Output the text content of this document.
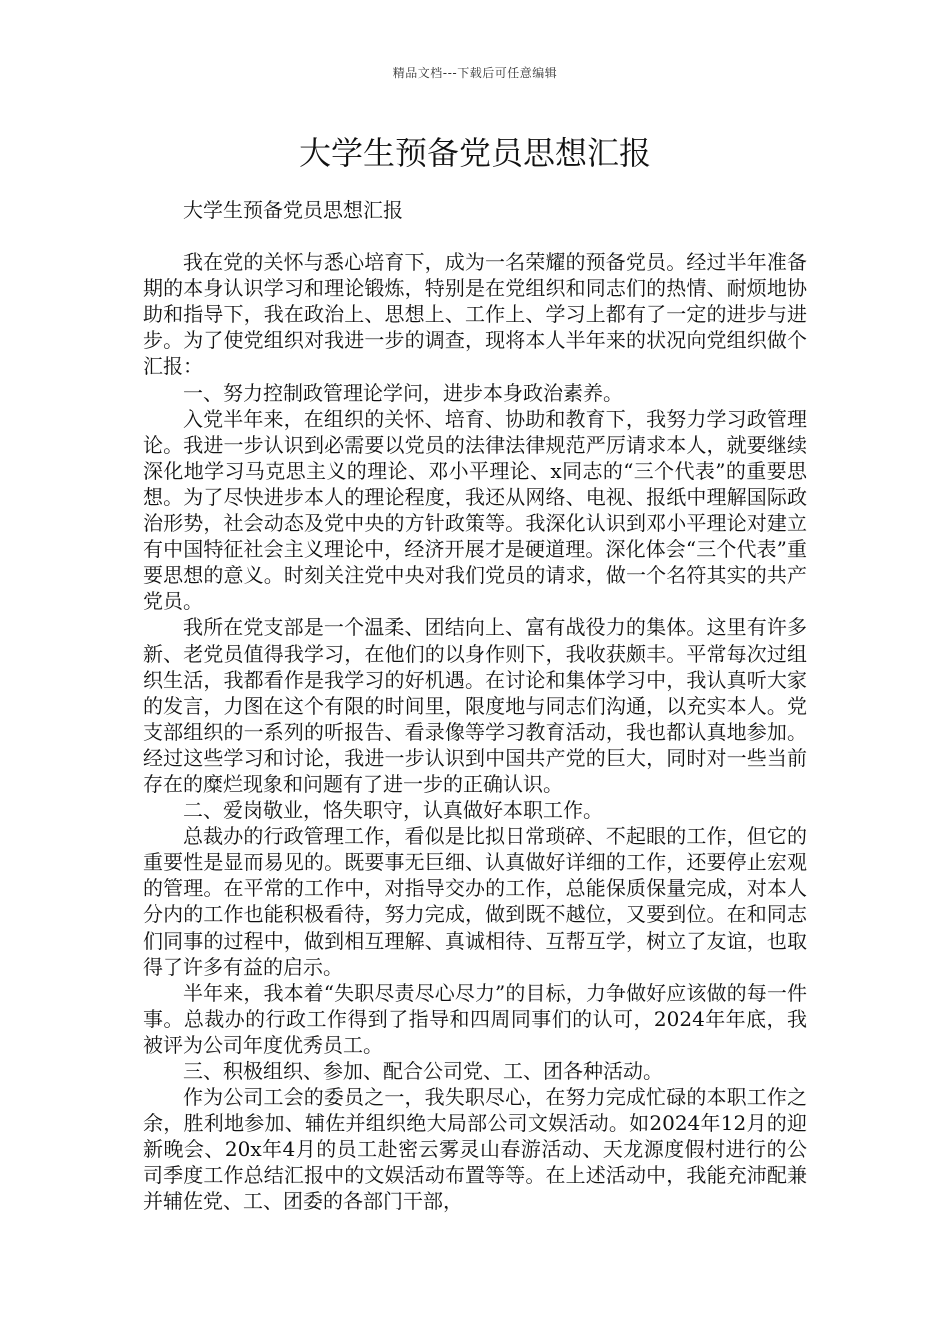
精品文档---下载后可任意编辑
大学生预备党员思想汇报

大学生预备党员思想汇报

我在党的关怀与悉心培育下，成为一名荣耀的预备党员。经过半年准备期的本身认识学习和理论锻炼，特别是在党组织和同志们的热情、耐烦地协助和指导下，我在政治上、思想上、工作上、学习上都有了一定的进步与进步。为了使党组织对我进一步的调查，现将本人半年来的状况向党组织做个汇报：

一、努力控制政管理论学问，进步本身政治素养。

入党半年来，在组织的关怀、培育、协助和教育下，我努力学习政管理论。我进一步认识到必需要以党员的法律法律规范严厉请求本人，就要继续深化地学习马克思主义的理论、邓小平理论、x同志的“三个代表”的重要思想。为了尽快进步本人的理论程度，我还从网络、电视、报纸中理解国际政治形势，社会动态及党中央的方针政策等。我深化认识到邓小平理论对建立有中国特征社会主义理论中，经济开展才是硬道理。深化体会“三个代表”重要思想的意义。时刻关注党中央对我们党员的请求，做一个名符其实的共产党员。

我所在党支部是一个温柔、团结向上、富有战役力的集体。这里有许多新、老党员值得我学习，在他们的以身作则下，我收获颇丰。平常每次过组织生活，我都看作是我学习的好机遇。在讨论和集体学习中，我认真听大家的发言，力图在这个有限的时间里，限度地与同志们沟通，以充实本人。党支部组织的一系列的听报告、看录像等学习教育活动，我也都认真地参加。经过这些学习和讨论，我进一步认识到中国共产党的巨大，同时对一些当前存在的糜烂现象和问题有了进一步的正确认识。

二、爱岗敬业，恪失职守，认真做好本职工作。

总裁办的行政管理工作，看似是比拟日常琐碎、不起眼的工作，但它的重要性是显而易见的。既要事无巨细、认真做好详细的工作，还要停止宏观的管理。在平常的工作中，对指导交办的工作，总能保质保量完成，对本人分内的工作也能积极看待，努力完成，做到既不越位，又要到位。在和同志们同事的过程中，做到相互理解、真诚相待、互帮互学，树立了友谊，也取得了许多有益的启示。

半年来，我本着“失职尽责尽心尽力”的目标，力争做好应该做的每一件事。总裁办的行政工作得到了指导和四周同事们的认可，2024年年底，我被评为公司年度优秀员工。

三、积极组织、参加、配合公司党、工、团各种活动。

作为公司工会的委员之一，我失职尽心，在努力完成忙碌的本职工作之余，胜利地参加、辅佐并组织绝大局部公司文娱活动。如2024年12月的迎新晚会、20x年4月的员工赴密云雾灵山春游活动、天龙源度假村进行的公司季度工作总结汇报中的文娱活动布置等等。在上述活动中，我能充沛配兼并辅佐党、工、团委的各部门干部，
